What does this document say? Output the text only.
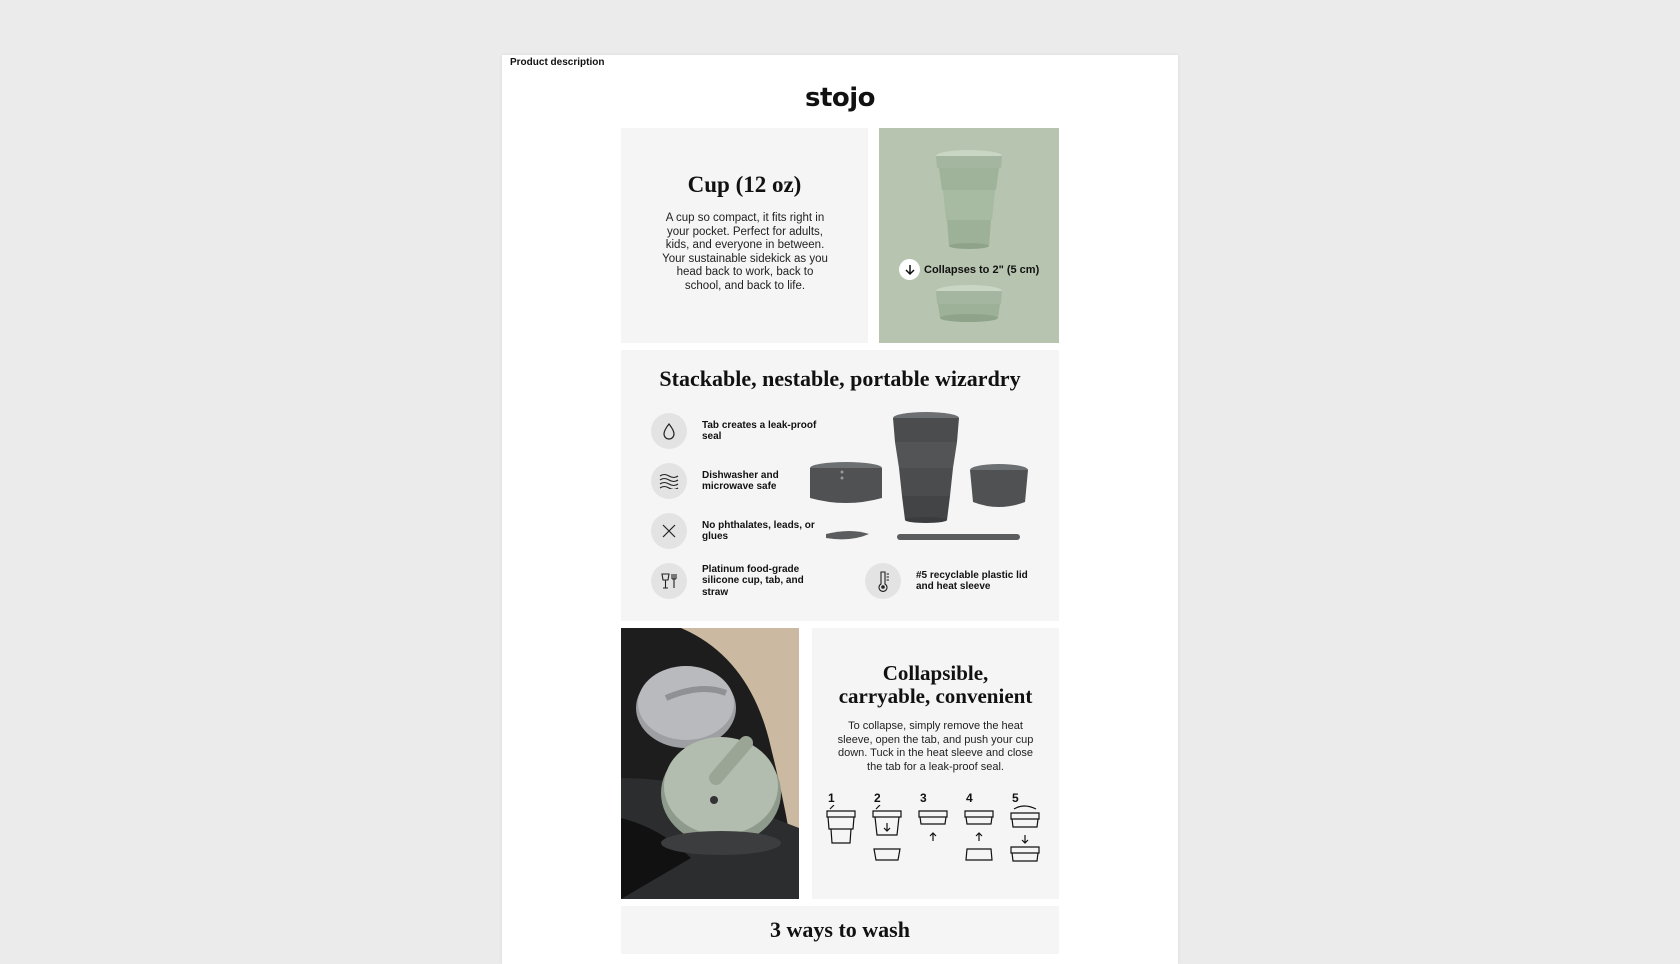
Product description
stojo
Cup (12 oz)

A cup so compact, it fits right in your pocket. Perfect for adults, kids, and everyone in between. Your sustainable sidekick as you head back to work, back to school, and back to life.

Collapses to 2" (5 cm)
Stackable, nestable, portable wizardry
Tab creates a leak-proof seal
Dishwasher and microwave safe
No phthalates, leads, or glues
Platinum food-grade silicone cup, tab, and straw
#5 recyclable plastic lid and heat sleeve
Collapsible,
carryable, convenient

To collapse, simply remove the heat sleeve, open the tab, and push your cup down. Tuck in the heat sleeve and close the tab for a leak-proof seal.

1	2	3	4	5
3 ways to wash
